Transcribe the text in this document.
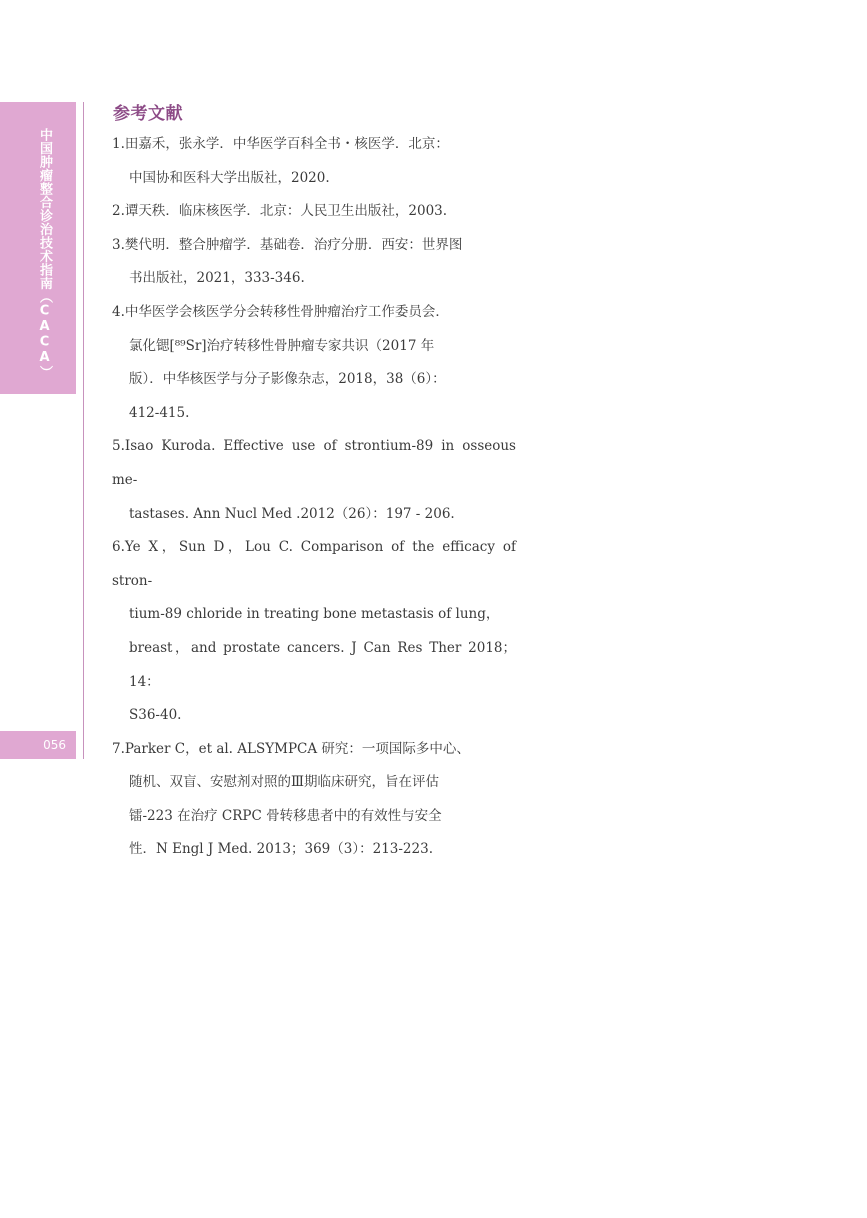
中国肿瘤整合诊治技术指南（CACA）
056
参考文献
1.田嘉禾，张永学．中华医学百科全书・核医学．北京：
中国协和医科大学出版社，2020.
2.谭天秩．临床核医学．北京：人民卫生出版社，2003.
3.樊代明．整合肿瘤学．基础卷．治疗分册．西安：世界图
书出版社，2021，333-346.
4.中华医学会核医学分会转移性骨肿瘤治疗工作委员会．
氯化锶[⁸⁹Sr]治疗转移性骨肿瘤专家共识（2017 年
版）．中华核医学与分子影像杂志，2018，38（6）：
412-415.
5.Isao Kuroda. Effective use of strontium-89 in osseous me-
tastases. Ann Nucl Med .2012（26）：197 - 206.
6.Ye X，Sun D，Lou C. Comparison of the efficacy of stron-
tium-89 chloride in treating bone metastasis of lung，
breast，and prostate cancers. J Can Res Ther 2018；14：
S36-40.
7.Parker C，et al. ALSYMPCA 研究：一项国际多中心、
随机、双盲、安慰剂对照的Ⅲ期临床研究，旨在评估
镭-223 在治疗 CRPC 骨转移患者中的有效性与安全
性．N Engl J Med. 2013；369（3）：213-223.
